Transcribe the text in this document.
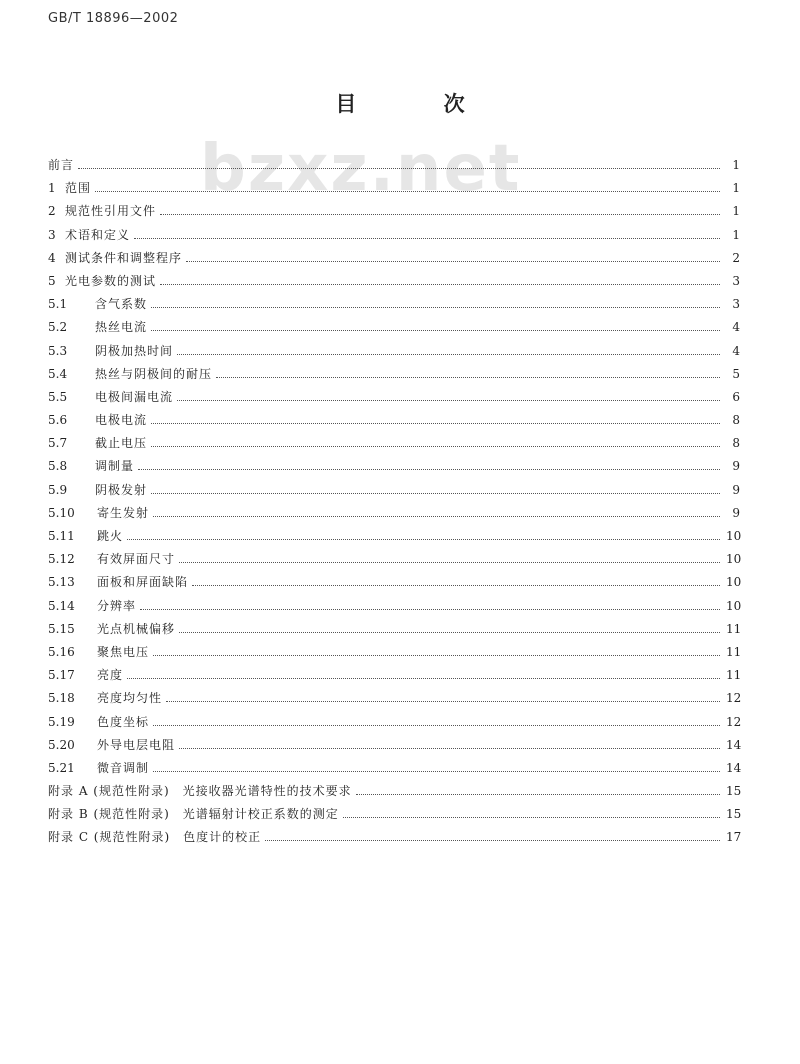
GB/T 18896—2002
bzxz.net
目 次
前言	1
1 范围	1
2 规范性引用文件	1
3 术语和定义	1
4 测试条件和调整程序	2
5 光电参数的测试	3
5.1	含气系数	3
5.2	热丝电流	4
5.3	阴极加热时间	4
5.4	热丝与阴极间的耐压	5
5.5	电极间漏电流	6
5.6	电极电流	8
5.7	截止电压	8
5.8	调制量	9
5.9	阴极发射	9
5.10	寄生发射	9
5.11	跳火	10
5.12	有效屏面尺寸	10
5.13	面板和屏面缺陷	10
5.14	分辨率	10
5.15	光点机械偏移	11
5.16	聚焦电压	11
5.17	亮度	11
5.18	亮度均匀性	12
5.19	色度坐标	12
5.20	外导电层电阻	14
5.21	微音调制	14
附录 A (规范性附录)　光接收器光谱特性的技术要求	15
附录 B (规范性附录)　光谱辐射计校正系数的测定	15
附录 C (规范性附录)　色度计的校正	17
